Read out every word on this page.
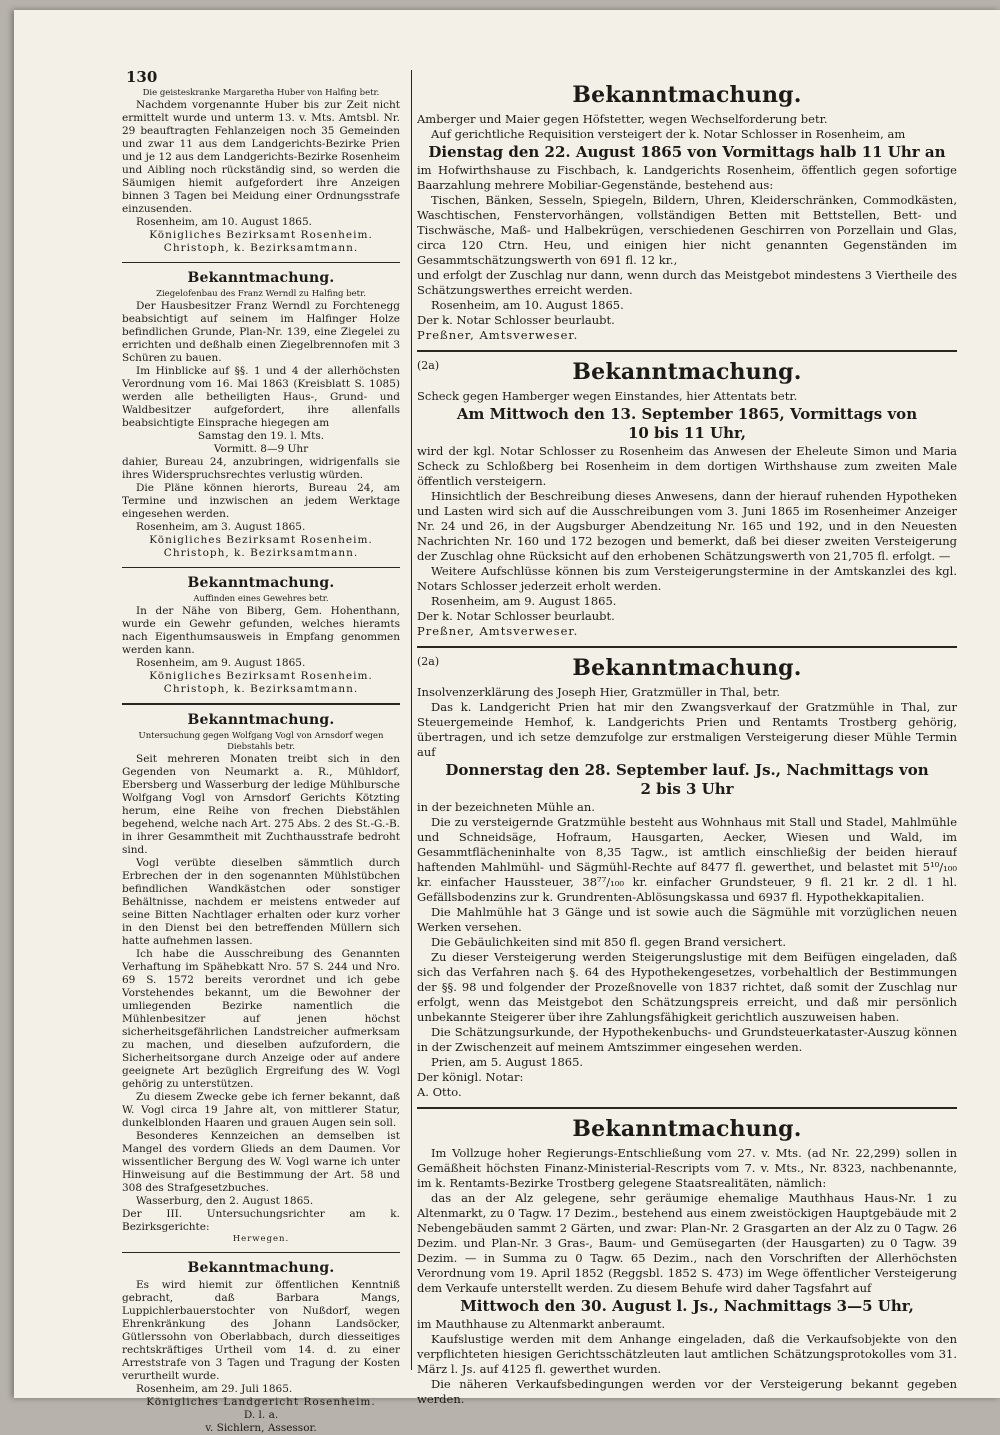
130

Die geisteskranke Margaretha Huber von Halfing betr.

Nachdem vorgenannte Huber bis zur Zeit nicht ermittelt wurde und unterm 13. v. Mts. Amtsbl. Nr. 29 beauftragten Fehlanzeigen noch 35 Gemeinden und zwar 11 aus dem Landgerichts-Bezirke Prien und je 12 aus dem Landgerichts-Bezirke Rosenheim und Aibling noch rückständig sind, so werden die Säumigen hiemit aufgefordert ihre Anzeigen binnen 3 Tagen bei Meidung einer Ordnungsstrafe einzusenden.

Rosenheim, am 10. August 1865.

Königliches Bezirksamt Rosenheim.

Christoph, k. Bezirksamtmann.

Bekanntmachung.

Ziegelofenbau des Franz Werndl zu Halfing betr.

Der Hausbesitzer Franz Werndl zu Forchtenegg beabsichtigt auf seinem im Halfinger Holze befindlichen Grunde, Plan-Nr. 139, eine Ziegelei zu errichten und deßhalb einen Ziegelbrennofen mit 3 Schüren zu bauen.

Im Hinblicke auf §§. 1 und 4 der allerhöchsten Verordnung vom 16. Mai 1863 (Kreisblatt S. 1085) werden alle betheiligten Haus-, Grund- und Waldbesitzer aufgefordert, ihre allenfalls beabsichtigte Einsprache hiegegen am

Samstag den 19. l. Mts.

Vormitt. 8—9 Uhr

dahier, Bureau 24, anzubringen, widrigenfalls sie ihres Widerspruchsrechtes verlustig würden.

Die Pläne können hierorts, Bureau 24, am Termine und inzwischen an jedem Werktage eingesehen werden.

Rosenheim, am 3. August 1865.

Königliches Bezirksamt Rosenheim.

Christoph, k. Bezirksamtmann.

Bekanntmachung.

Auffinden eines Gewehres betr.

In der Nähe von Biberg, Gem. Hohenthann, wurde ein Gewehr gefunden, welches hieramts nach Eigenthumsausweis in Empfang genommen werden kann.

Rosenheim, am 9. August 1865.

Königliches Bezirksamt Rosenheim.

Christoph, k. Bezirksamtmann.

Bekanntmachung.

Untersuchung gegen Wolfgang Vogl von Arnsdorf wegen Diebstahls betr.

Seit mehreren Monaten treibt sich in den Gegenden von Neumarkt a. R., Mühldorf, Ebersberg und Wasserburg der ledige Mühlbursche Wolfgang Vogl von Arnsdorf Gerichts Kötzting herum, eine Reihe von frechen Diebstählen begehend, welche nach Art. 275 Abs. 2 des St.-G.-B. in ihrer Gesammtheit mit Zuchthausstrafe bedroht sind.

Vogl verübte dieselben sämmtlich durch Erbrechen der in den sogenannten Mühlstübchen befindlichen Wandkästchen oder sonstiger Behältnisse, nachdem er meistens entweder auf seine Bitten Nachtlager erhalten oder kurz vorher in den Dienst bei den betreffenden Müllern sich hatte aufnehmen lassen.

Ich habe die Ausschreibung des Genannten Verhaftung im Spähebkatt Nro. 57 S. 244 und Nro. 69 S. 1572 bereits verordnet und ich gebe Vorstehendes bekannt, um die Bewohner der umliegenden Bezirke namentlich die Mühlenbesitzer auf jenen höchst sicherheitsgefährlichen Landstreicher aufmerksam zu machen, und dieselben aufzufordern, die Sicherheitsorgane durch Anzeige oder auf andere geeignete Art bezüglich Ergreifung des W. Vogl gehörig zu unterstützen.

Zu diesem Zwecke gebe ich ferner bekannt, daß W. Vogl circa 19 Jahre alt, von mittlerer Statur, dunkelblonden Haaren und grauen Augen sein soll.

Besonderes Kennzeichen an demselben ist Mangel des vordern Glieds an dem Daumen. Vor wissentlicher Bergung des W. Vogl warne ich unter Hinweisung auf die Bestimmung der Art. 58 und 308 des Strafgesetzbuches.

Wasserburg, den 2. August 1865.

Der III. Untersuchungsrichter am k. Bezirksgerichte:

Herwegen.

Bekanntmachung.

Es wird hiemit zur öffentlichen Kenntniß gebracht, daß Barbara Mangs, Luppichlerbauerstochter von Nußdorf, wegen Ehrenkränkung des Johann Landsöcker, Gütlerssohn von Oberlabbach, durch diesseitiges rechtskräftiges Urtheil vom 14. d. zu einer Arreststrafe von 3 Tagen und Tragung der Kosten verurtheilt wurde.

Rosenheim, am 29. Juli 1865.

Königliches Landgericht Rosenheim.

D. l. a.

v. Sichlern, Assessor.

Bekanntmachung.

Amberger und Maier gegen Höfstetter, wegen Wechselforderung betr.

Auf gerichtliche Requisition versteigert der k. Notar Schlosser in Rosenheim, am

Dienstag den 22. August 1865 von Vormittags halb 11 Uhr an

im Hofwirthshause zu Fischbach, k. Landgerichts Rosenheim, öffentlich gegen sofortige Baarzahlung mehrere Mobiliar-Gegenstände, bestehend aus:

Tischen, Bänken, Sesseln, Spiegeln, Bildern, Uhren, Kleiderschränken, Commodkästen, Waschtischen, Fenstervorhängen, vollständigen Betten mit Bettstellen, Bett- und Tischwäsche, Maß- und Halbekrügen, verschiedenen Geschirren von Porzellain und Glas, circa 120 Ctrn. Heu, und einigen hier nicht genannten Gegenständen im Gesammtschätzungswerth von 691 fl. 12 kr.,

und erfolgt der Zuschlag nur dann, wenn durch das Meistgebot mindestens 3 Viertheile des Schätzungswerthes erreicht werden.

Rosenheim, am 10. August 1865.

Der k. Notar Schlosser beurlaubt.

Preßner, Amtsverweser.

(2a)	Bekanntmachung.

Scheck gegen Hamberger wegen Einstandes, hier Attentats betr.

Am Mittwoch den 13. September 1865, Vormittags von

10 bis 11 Uhr,

wird der kgl. Notar Schlosser zu Rosenheim das Anwesen der Eheleute Simon und Maria Scheck zu Schloßberg bei Rosenheim in dem dortigen Wirthshause zum zweiten Male öffentlich versteigern.

Hinsichtlich der Beschreibung dieses Anwesens, dann der hierauf ruhenden Hypotheken und Lasten wird sich auf die Ausschreibungen vom 3. Juni 1865 im Rosenheimer Anzeiger Nr. 24 und 26, in der Augsburger Abendzeitung Nr. 165 und 192, und in den Neuesten Nachrichten Nr. 160 und 172 bezogen und bemerkt, daß bei dieser zweiten Versteigerung der Zuschlag ohne Rücksicht auf den erhobenen Schätzungswerth von 21,705 fl. erfolgt. —

Weitere Aufschlüsse können bis zum Versteigerungstermine in der Amtskanzlei des kgl. Notars Schlosser jederzeit erholt werden.

Rosenheim, am 9. August 1865.

Der k. Notar Schlosser beurlaubt.

Preßner, Amtsverweser.

(2a)	Bekanntmachung.

Insolvenzerklärung des Joseph Hier, Gratzmüller in Thal, betr.

Das k. Landgericht Prien hat mir den Zwangsverkauf der Gratzmühle in Thal, zur Steuergemeinde Hemhof, k. Landgerichts Prien und Rentamts Trostberg gehörig, übertragen, und ich setze demzufolge zur erstmaligen Versteigerung dieser Mühle Termin auf

Donnerstag den 28. September lauf. Js., Nachmittags von

2 bis 3 Uhr

in der bezeichneten Mühle an.

Die zu versteigernde Gratzmühle besteht aus Wohnhaus mit Stall und Stadel, Mahlmühle und Schneidsäge, Hofraum, Hausgarten, Aecker, Wiesen und Wald, im Gesammtflächeninhalte von 8,35 Tagw., ist amtlich einschließig der beiden hierauf haftenden Mahlmühl- und Sägmühl-Rechte auf 8477 fl. gewerthet, und belastet mit 5¹⁰/₁₀₀ kr. einfacher Haussteuer, 38⁷⁷/₁₀₀ kr. einfacher Grundsteuer, 9 fl. 21 kr. 2 dl. 1 hl. Gefällsbodenzins zur k. Grundrenten-Ablösungskassa und 6937 fl. Hypothekkapitalien.

Die Mahlmühle hat 3 Gänge und ist sowie auch die Sägmühle mit vorzüglichen neuen Werken versehen.

Die Gebäulichkeiten sind mit 850 fl. gegen Brand versichert.

Zu dieser Versteigerung werden Steigerungslustige mit dem Beifügen eingeladen, daß sich das Verfahren nach §. 64 des Hypothekengesetzes, vorbehaltlich der Bestimmungen der §§. 98 und folgender der Prozeßnovelle von 1837 richtet, daß somit der Zuschlag nur erfolgt, wenn das Meistgebot den Schätzungspreis erreicht, und daß mir persönlich unbekannte Steigerer über ihre Zahlungsfähigkeit gerichtlich auszuweisen haben.

Die Schätzungsurkunde, der Hypothekenbuchs- und Grundsteuerkataster-Auszug können in der Zwischenzeit auf meinem Amtszimmer eingesehen werden.

Prien, am 5. August 1865.

Der königl. Notar:

A. Otto.

Bekanntmachung.

Im Vollzuge hoher Regierungs-Entschließung vom 27. v. Mts. (ad Nr. 22,299) sollen in Gemäßheit höchsten Finanz-Ministerial-Rescripts vom 7. v. Mts., Nr. 8323, nachbenannte, im k. Rentamts-Bezirke Trostberg gelegene Staatsrealitäten, nämlich:

das an der Alz gelegene, sehr geräumige ehemalige Mauthhaus Haus-Nr. 1 zu Altenmarkt, zu 0 Tagw. 17 Dezim., bestehend aus einem zweistöckigen Hauptgebäude mit 2 Nebengebäuden sammt 2 Gärten, und zwar: Plan-Nr. 2 Grasgarten an der Alz zu 0 Tagw. 26 Dezim. und Plan-Nr. 3 Gras-, Baum- und Gemüsegarten (der Hausgarten) zu 0 Tagw. 39 Dezim. — in Summa zu 0 Tagw. 65 Dezim., nach den Vorschriften der Allerhöchsten Verordnung vom 19. April 1852 (Reggsbl. 1852 S. 473) im Wege öffentlicher Versteigerung dem Verkaufe unterstellt werden. Zu diesem Behufe wird daher Tagsfahrt auf

Mittwoch den 30. August l. Js., Nachmittags 3—5 Uhr,

im Mauthhause zu Altenmarkt anberaumt.

Kaufslustige werden mit dem Anhange eingeladen, daß die Verkaufsobjekte von den verpflichteten hiesigen Gerichtsschätzleuten laut amtlichen Schätzungsprotokolles vom 31. März l. Js. auf 4125 fl. gewerthet wurden.

Die näheren Verkaufsbedingungen werden vor der Versteigerung bekannt gegeben werden.
